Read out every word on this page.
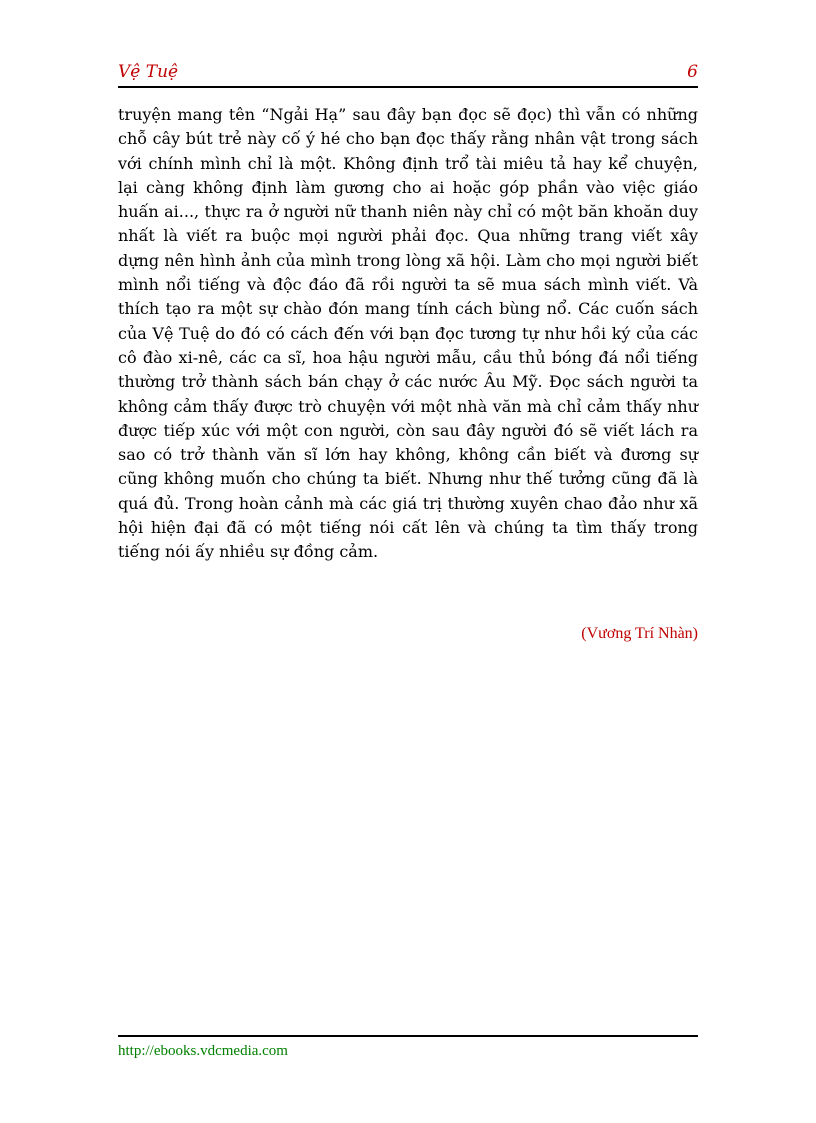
Vệ Tuệ	6

truyện mang tên “Ngải Hạ” sau đây bạn đọc sẽ đọc) thì vẫn có những chỗ cây bút trẻ này cố ý hé cho bạn đọc thấy rằng nhân vật trong sách với chính mình chỉ là một. Không định trổ tài miêu tả hay kể chuyện, lại càng không định làm gương cho ai hoặc góp phần vào việc giáo huấn ai..., thực ra ở người nữ thanh niên này chỉ có một băn khoăn duy nhất là viết ra buộc mọi người phải đọc. Qua những trang viết xây dựng nên hình ảnh của mình trong lòng xã hội. Làm cho mọi người biết mình nổi tiếng và độc đáo đã rồi người ta sẽ mua sách mình viết. Và thích tạo ra một sự chào đón mang tính cách bùng nổ. Các cuốn sách của Vệ Tuệ do đó có cách đến với bạn đọc tương tự như hồi ký của các cô đào xi-nê, các ca sĩ, hoa hậu người mẫu, cầu thủ bóng đá nổi tiếng thường trở thành sách bán chạy ở các nước Âu Mỹ. Đọc sách người ta không cảm thấy được trò chuyện với một nhà văn mà chỉ cảm thấy như được tiếp xúc với một con người, còn sau đây người đó sẽ viết lách ra sao có trở thành văn sĩ lớn hay không, không cần biết và đương sự cũng không muốn cho chúng ta biết. Nhưng như thế tưởng cũng đã là quá đủ. Trong hoàn cảnh mà các giá trị thường xuyên chao đảo như xã hội hiện đại đã có một tiếng nói cất lên và chúng ta tìm thấy trong tiếng nói ấy nhiều sự đồng cảm.

(Vương Trí Nhàn)
http://ebooks.vdcmedia.com
